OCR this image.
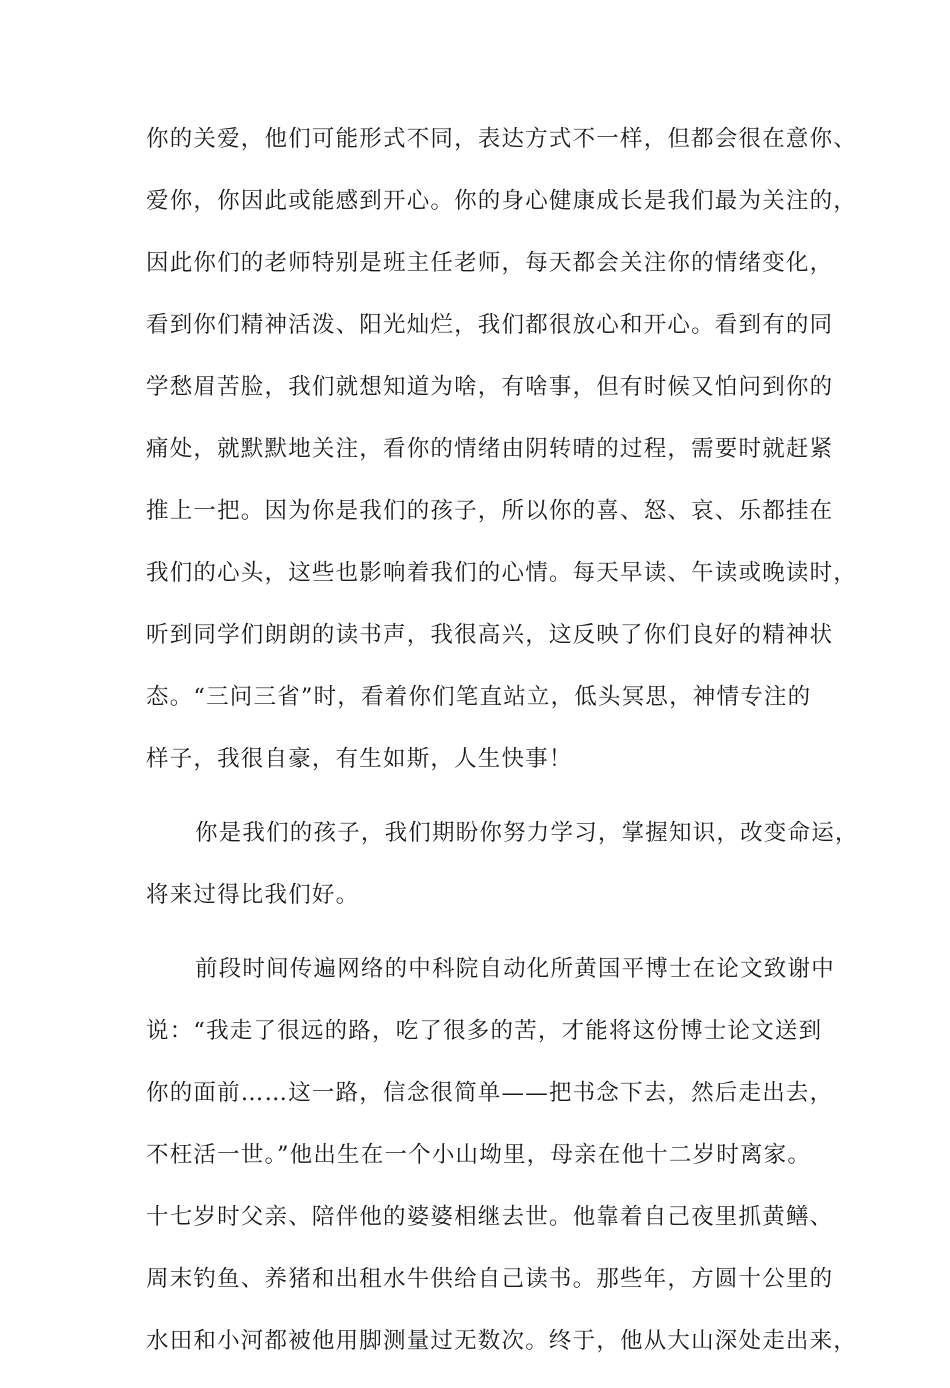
你的关爱，他们可能形式不同，表达方式不一样，但都会很在意你、
爱你，你因此或能感到开心。你的身心健康成长是我们最为关注的，
因此你们的老师特别是班主任老师，每天都会关注你的情绪变化，
看到你们精神活泼、阳光灿烂，我们都很放心和开心。看到有的同
学愁眉苦脸，我们就想知道为啥，有啥事，但有时候又怕问到你的
痛处，就默默地关注，看你的情绪由阴转晴的过程，需要时就赶紧
推上一把。因为你是我们的孩子，所以你的喜、怒、哀、乐都挂在
我们的心头，这些也影响着我们的心情。每天早读、午读或晚读时，
听到同学们朗朗的读书声，我很高兴，这反映了你们良好的精神状
态。“三问三省”时，看着你们笔直站立，低头冥思，神情专注的
样子，我很自豪，有生如斯，人生快事！
你是我们的孩子，我们期盼你努力学习，掌握知识，改变命运，
将来过得比我们好。
前段时间传遍网络的中科院自动化所黄国平博士在论文致谢中
说：“我走了很远的路，吃了很多的苦，才能将这份博士论文送到
你的面前……这一路，信念很简单——把书念下去，然后走出去，
不枉活一世。”他出生在一个小山坳里，母亲在他十二岁时离家。
十七岁时父亲、陪伴他的婆婆相继去世。他靠着自己夜里抓黄鳝、
周末钓鱼、养猪和出租水牛供给自己读书。那些年，方圆十公里的
水田和小河都被他用脚测量过无数次。终于，他从大山深处走出来，
